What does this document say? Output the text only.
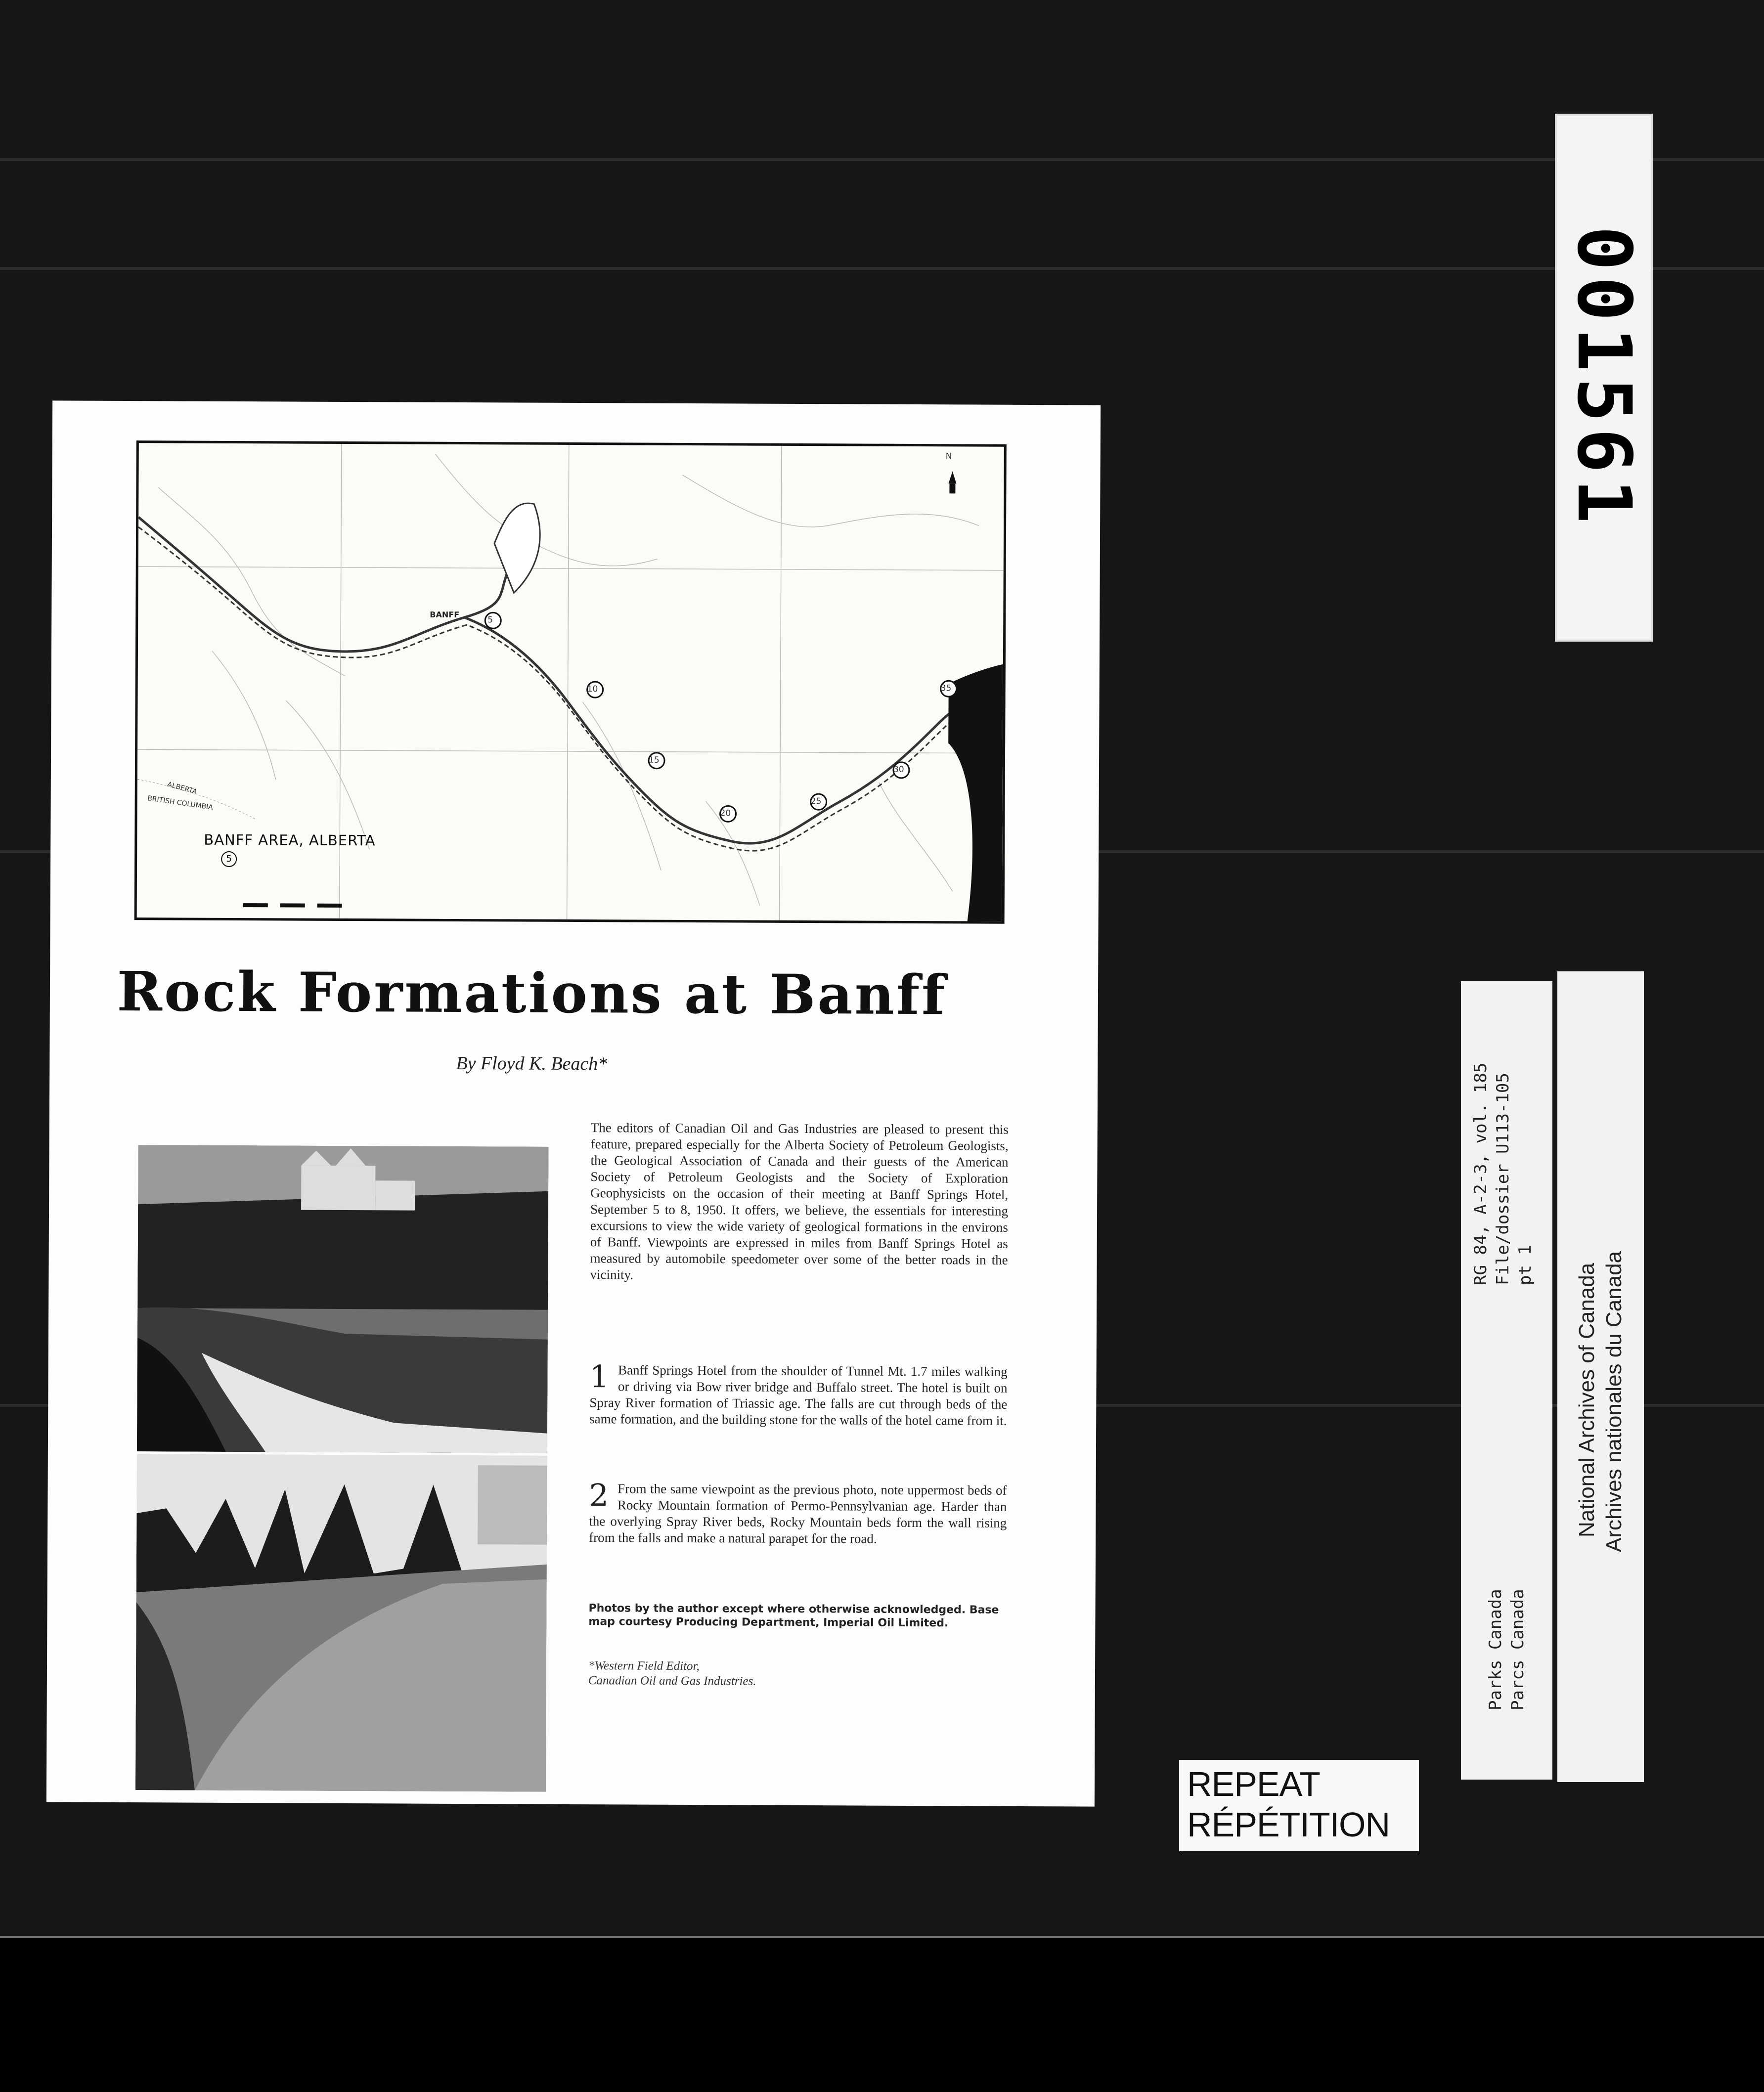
001561
N
5
10
15
20
25
30
35
BANFF
ALBERTA
BRITISH COLUMBIA
BANFF AREA, ALBERTA
5
Rock Formations at Banff
By Floyd K. Beach*
The editors of Canadian Oil and Gas Industries are pleased to present this feature, prepared especially for the Alberta Society of Petroleum Geologists, the Geological Association of Canada and their guests of the American Society of Petroleum Geologists and the Society of Exploration Geophysicists on the occasion of their meeting at Banff Springs Hotel, September 5 to 8, 1950. It offers, we believe, the essentials for interesting excursions to view the wide variety of geological formations in the environs of Banff. Viewpoints are expressed in miles from Banff Springs Hotel as measured by automobile speedometer over some of the better roads in the vicinity.
1 Banff Springs Hotel from the shoulder of Tunnel Mt. 1.7 miles walking or driving via Bow river bridge and Buffalo street. The hotel is built on Spray River formation of Triassic age. The falls are cut through beds of the same formation, and the building stone for the walls of the hotel came from it.
2 From the same viewpoint as the previous photo, note uppermost beds of Rocky Mountain formation of Permo-Pennsylvanian age. Harder than the overlying Spray River beds, Rocky Mountain beds form the wall rising from the falls and make a natural parapet for the road.
Photos by the author except where otherwise acknowledged. Base map courtesy Producing Department, Imperial Oil Limited.
*Western Field Editor,
Canadian Oil and Gas Industries.
RG 84, A-2-3, vol. 185 File/dossier U113-105 pt 1
Parks Canada Parcs Canada
National Archives of Canada Archives nationales du Canada
REPEAT
RÉPÉTITION
